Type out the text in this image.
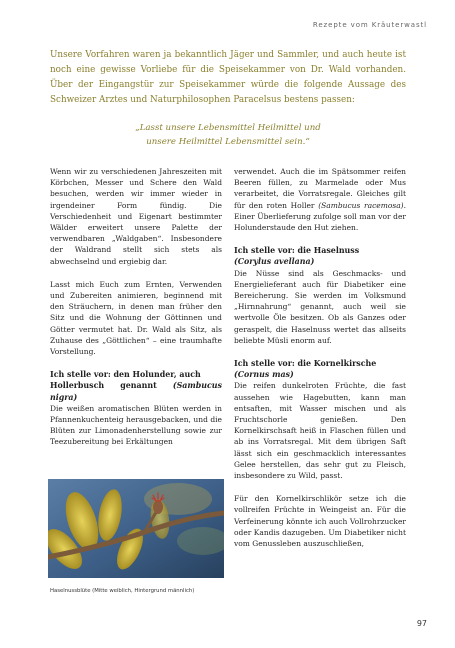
Rezepte vom Kräuterwastl
Unsere Vorfahren waren ja bekanntlich Jäger und Sammler, und auch heute ist noch eine gewisse Vorliebe für die Speisekammer von Dr. Wald vorhanden. Über der Eingangstür zur Speisekammer würde die folgende Aussage des Schweizer Arztes und Naturphilosophen Paracelsus bestens passen:
„Lasst unsere Lebensmittel Heilmittel und
unsere Heilmittel Lebensmittel sein.“

Wenn wir zu verschiedenen Jahreszeiten mit Körbchen, Messer und Schere den Wald besuchen, werden wir immer wieder in irgendeiner Form fündig. Die Verschiedenheit und Eigenart bestimmter Wälder erweitert unsere Palette der verwendbaren „Waldgaben“. Insbesondere der Waldrand stellt sich stets als abwechselnd und ergiebig dar.

Lasst mich Euch zum Ernten, Verwenden und Zubereiten animieren, beginnend mit den Sträuchern, in denen man früher den Sitz und die Wohnung der Göttinnen und Götter vermutet hat. Dr. Wald als Sitz, als Zuhause des „Göttlichen“ – eine traumhafte Vorstellung.

Ich stelle vor: den Holunder, auch
Hollerbusch genannt (Sambucus nigra)

Die weißen aromatischen Blüten werden in Pfannenkuchenteig herausgebacken, und die Blüten zur Limonadenherstellung sowie zur Teezubereitung bei Erkältungen

Haselnussblüte (Mitte weiblich, Hintergrund männlich)

verwendet. Auch die im Spätsommer reifen Beeren füllen, zu Marmelade oder Mus verarbeitet, die Vorratsregale. Gleiches gilt für den roten Holler (Sambucus racemosa). Einer Überlieferung zufolge soll man vor der Holunderstaude den Hut ziehen.

Ich stelle vor: die Haselnuss
(Corylus avellana)

Die Nüsse sind als Geschmacks- und Energielieferant auch für Diabetiker eine Bereicherung. Sie werden im Volksmund „Hirnnahrung“ genannt, auch weil sie wertvolle Öle besitzen. Ob als Ganzes oder geraspelt, die Haselnuss wertet das allseits beliebte Müsli enorm auf.

Ich stelle vor: die Kornelkirsche
(Cornus mas)

Die reifen dunkelroten Früchte, die fast aussehen wie Hagebutten, kann man entsaften, mit Wasser mischen und als Fruchtschorle genießen. Den Kornelkirschsaft heiß in Flaschen füllen und ab ins Vorratsregal. Mit dem übrigen Saft lässt sich ein geschmacklich interessantes Gelee herstellen, das sehr gut zu Fleisch, insbesondere zu Wild, passt.

Für den Kornelkirschlikör setze ich die vollreifen Früchte in Weingeist an. Für die Verfeinerung könnte ich auch Vollrohrzucker oder Kandis dazugeben. Um Diabetiker nicht vom Genussleben auszuschließen,

97
